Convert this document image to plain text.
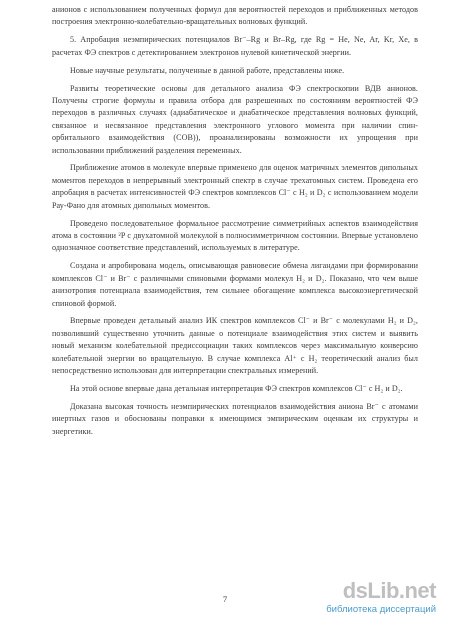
анионов с использованием полученных формул для вероятностей переходов и приближенных методов построения электронно-колебательно-вращательных волновых функций.

5. Апробация неэмпирических потенциалов Br⁻–Rg и Br–Rg, где Rg = He, Ne, Ar, Kr, Xe, в расчетах ФЭ спектров с детектированием электронов нулевой кинетической энергии.

Новые научные результаты, полученные в данной работе, представлены ниже.

Развиты теоретические основы для детального анализа ФЭ спектроскопии ВДВ анионов. Получены строгие формулы и правила отбора для разрешенных по состояниям вероятностей ФЭ переходов в различных случаях (адиабатическое и диабатическое представления волновых функций, связанное и несвязанное представления электронного углового момента при наличии спин-орбитального взаимодействия (СОВ)), проанализированы возможности их упрощения при использовании приближений разделения переменных.

Приближение атомов в молекуле впервые применено для оценок матричных элементов дипольных моментов переходов в непрерывный электронный спектр в случае трехатомных систем. Проведена его апробация в расчетах интенсивностей ФЭ спектров комплексов Cl⁻ с H₂ и D₂ с использованием модели Рау-Фано для атомных дипольных моментов.

Проведено последовательное формальное рассмотрение симметрийных аспектов взаимодействия атома в состоянии ²P с двухатомной молекулой в полносимметричном состоянии. Впервые установлено однозначное соответствие представлений, используемых в литературе.

Создана и апробирована модель, описывающая равновесие обмена лигандами при формировании комплексов Cl⁻ и Br⁻ с различными спиновыми формами молекул H₂ и D₂. Показано, что чем выше анизотропия потенциала взаимодействия, тем сильнее обогащение комплекса высокоэнергетической спиновой формой.

Впервые проведен детальный анализ ИК спектров комплексов Cl⁻ и Br⁻ с молекулами H₂ и D₂, позволивший существенно уточнить данные о потенциале взаимодействия этих систем и выявить новый механизм колебательной предиссоциации таких комплексов через максимальную конверсию колебательной энергии во вращательную. В случае комплекса Al⁺ с H₂ теоретический анализ был непосредственно использован для интерпретации спектральных измерений.

На этой основе впервые дана детальная интерпретация ФЭ спектров комплексов Cl⁻ с H₂ и D₂.

Доказана высокая точность неэмпирических потенциалов взаимодействия аниона Br⁻ с атомами инертных газов и обоснованы поправки к имеющимся эмпирическим оценкам их структуры и энергетики.

7	dsLib.net
библиотека диссертаций
